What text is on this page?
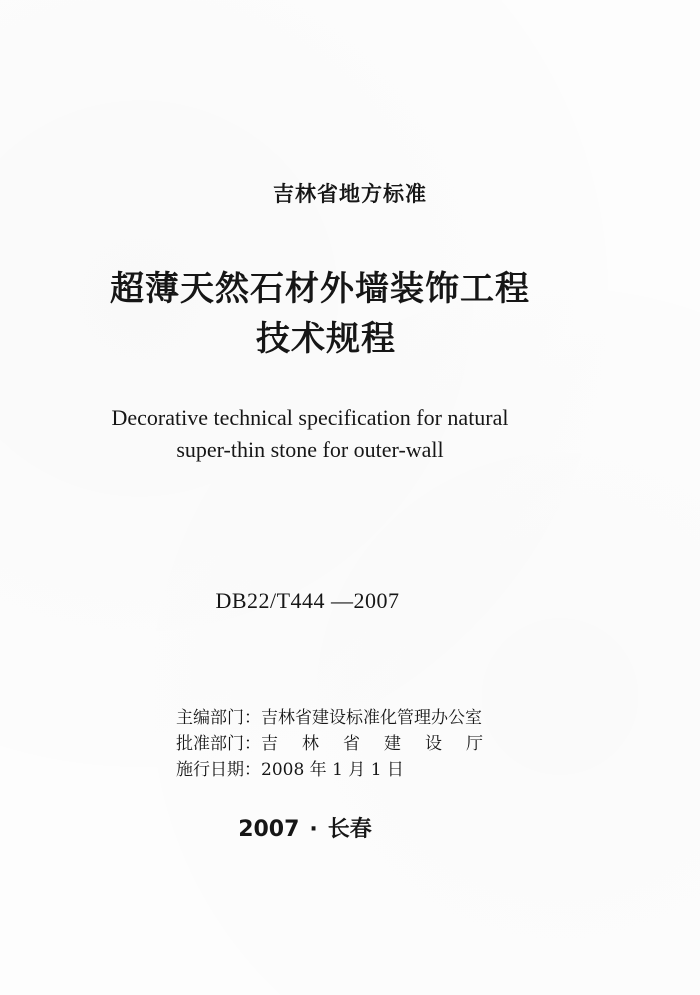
吉林省地方标准
超薄天然石材外墙装饰工程
技术规程
Decorative technical specification for natural
super-thin stone for outer-wall
DB22/T444 —2007
主编部门：吉林省建设标准化管理办公室
批准部门：吉林省建设厅
施行日期：2008 年 1 月 1 日
2007 · 长春
